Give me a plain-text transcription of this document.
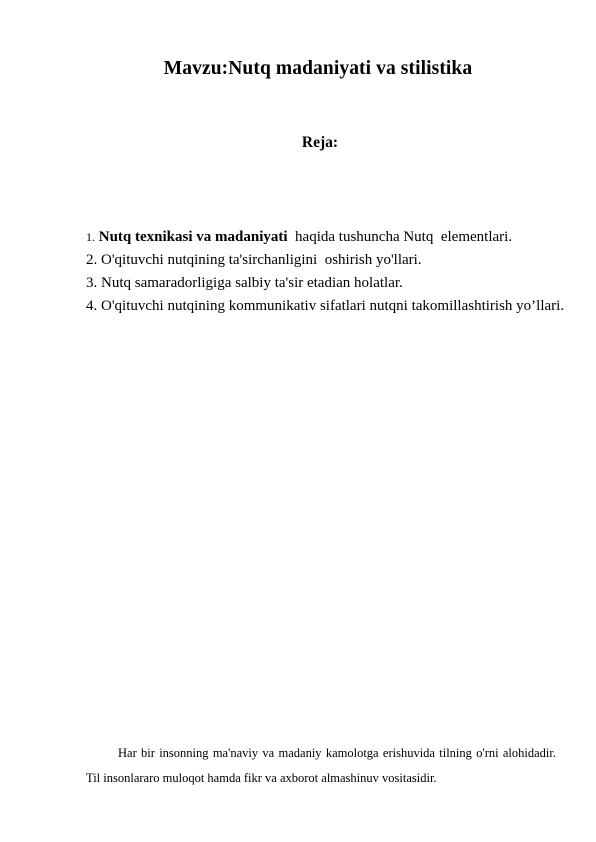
Mavzu:Nutq madaniyati va stilistika
Reja:

1. Nutq texnikasi va madaniyati  haqida tushuncha Nutq  elementlari.

2. O'qituvchi nutqining ta'sirchanligini  oshirish yo'llari.

3. Nutq samaradorligiga salbiy ta'sir etadian holatlar.

4. O'qituvchi nutqining kommunikativ sifatlari nutqni takomillashtirish yo’llari.

Har bir insonning ma'naviy va madaniy kamolotga erishuvida tilning o'rni alohidadir. Til insonlararo muloqot hamda fikr va axborot almashinuv vositasidir.
